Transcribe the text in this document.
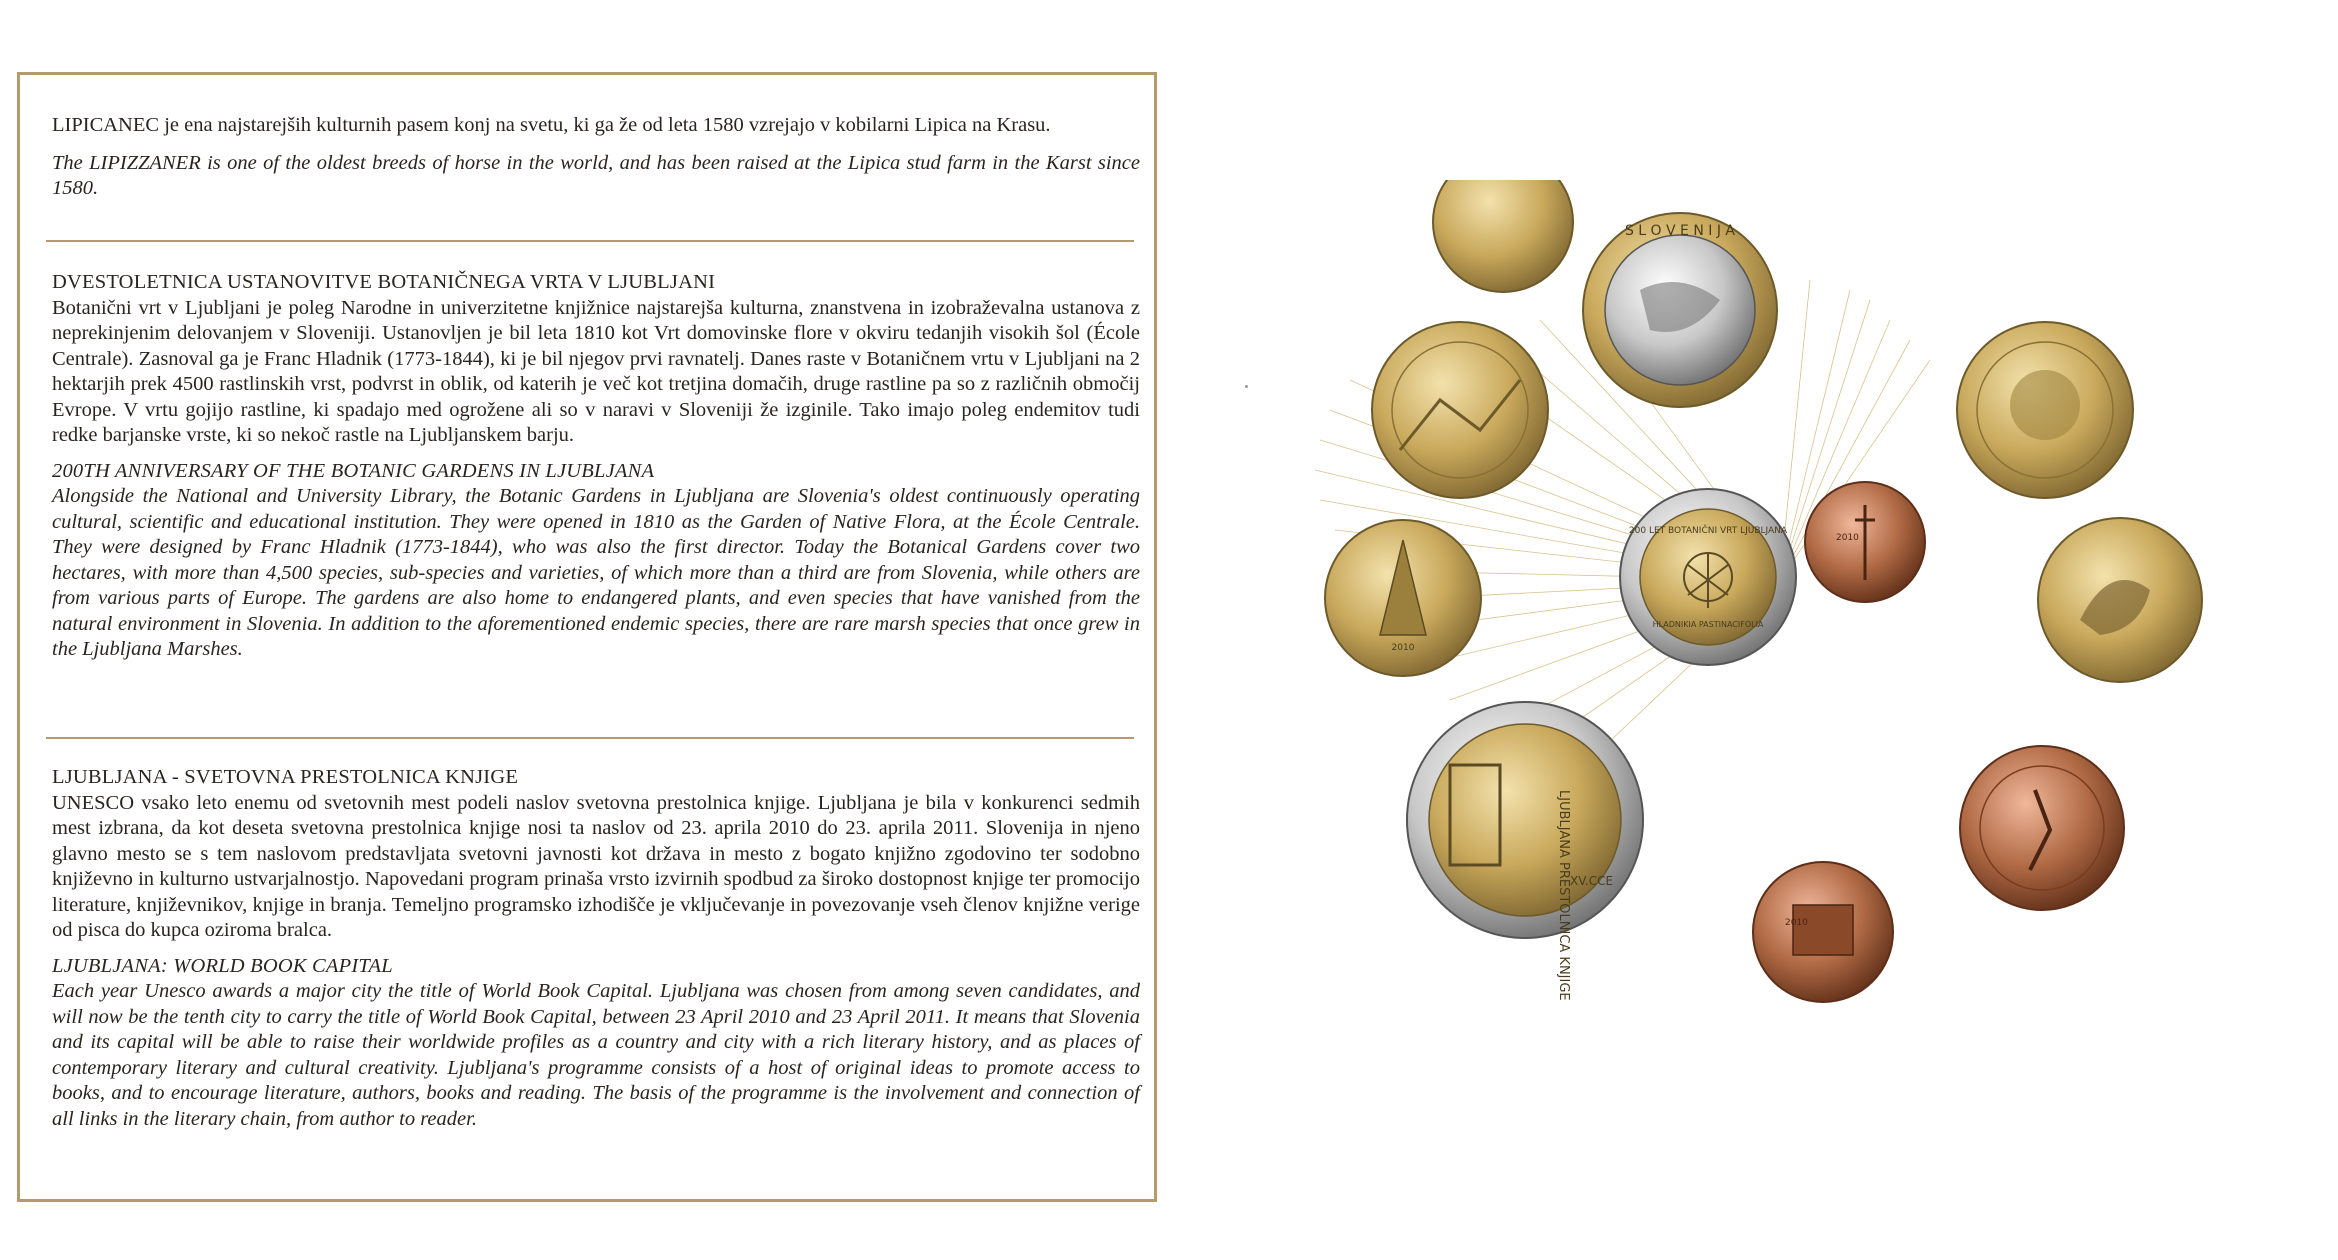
LIPICANEC je ena najstarejših kulturnih pasem konj na svetu, ki ga že od leta 1580 vzrejajo v kobilarni Lipica na Krasu.

The LIPIZZANER is one of the oldest breeds of horse in the world, and has been raised at the Lipica stud farm in the Karst since 1580.

DVESTOLETNICA USTANOVITVE BOTANIČNEGA VRTA V LJUBLJANI

Botanični vrt v Ljubljani je poleg Narodne in univerzitetne knjižnice najstarejša kulturna, znanstvena in izobraževalna ustanova z neprekinjenim delovanjem v Sloveniji. Ustanovljen je bil leta 1810 kot Vrt domovinske flore v okviru tedanjih visokih šol (École Centrale). Zasnoval ga je Franc Hladnik (1773-1844), ki je bil njegov prvi ravnatelj. Danes raste v Botaničnem vrtu v Ljubljani na 2 hektarjih prek 4500 rastlinskih vrst, podvrst in oblik, od katerih je več kot tretjina domačih, druge rastline pa so z različnih območij Evrope. V vrtu gojijo rastline, ki spadajo med ogrožene ali so v naravi v Sloveniji že izginile. Tako imajo poleg endemitov tudi redke barjanske vrste, ki so nekoč rastle na Ljubljanskem barju.

200TH ANNIVERSARY OF THE BOTANIC GARDENS IN LJUBLJANA

Alongside the National and University Library, the Botanic Gardens in Ljubljana are Slovenia's oldest continuously operating cultural, scientific and educational institution. They were opened in 1810 as the Garden of Native Flora, at the École Centrale. They were designed by Franc Hladnik (1773-1844), who was also the first director. Today the Botanical Gardens cover two hectares, with more than 4,500 species, sub-species and varieties, of which more than a third are from Slovenia, while others are from various parts of Europe. The gardens are also home to endangered plants, and even species that have vanished from the natural environment in Slovenia. In addition to the aforementioned endemic species, there are rare marsh species that once grew in the Ljubljana Marshes.

LJUBLJANA - SVETOVNA PRESTOLNICA KNJIGE

UNESCO vsako leto enemu od svetovnih mest podeli naslov svetovna prestolnica knjige. Ljubljana je bila v konkurenci sedmih mest izbrana, da kot deseta svetovna prestolnica knjige nosi ta naslov od 23. aprila 2010 do 23. aprila 2011. Slovenija in njeno glavno mesto se s tem naslovom predstavljata svetovni javnosti kot država in mesto z bogato knjižno zgodovino ter sodobno književno in kulturno ustvarjalnostjo. Napovedani program prinaša vrsto izvirnih spodbud za široko dostopnost knjige ter promocijo literature, književnikov, knjige in branja. Temeljno programsko izhodišče je vključevanje in povezovanje vseh členov knjižne verige od pisca do kupca oziroma bralca.

LJUBLJANA: WORLD BOOK CAPITAL

Each year Unesco awards a major city the title of World Book Capital. Ljubljana was chosen from among seven candidates, and will now be the tenth city to carry the title of World Book Capital, between 23 April 2010 and 23 April 2011. It means that Slovenia and its capital will be able to raise their worldwide profiles as a country and city with a rich literary history, and as places of contemporary literary and cultural creativity. Ljubljana's programme consists of a host of original ideas to promote access to books, and to encourage literature, authors, books and reading. The basis of the programme is the involvement and connection of all links in the literary chain, from author to reader.

200 LET BOTANIČNI VRT LJUBLJANA
HLADNIKIA PASTINACIFOLIA
S L O V E N I J A
2010
2010
LJUBLJANA PRESTOLNICA KNJIGE XV.CCE
2010
